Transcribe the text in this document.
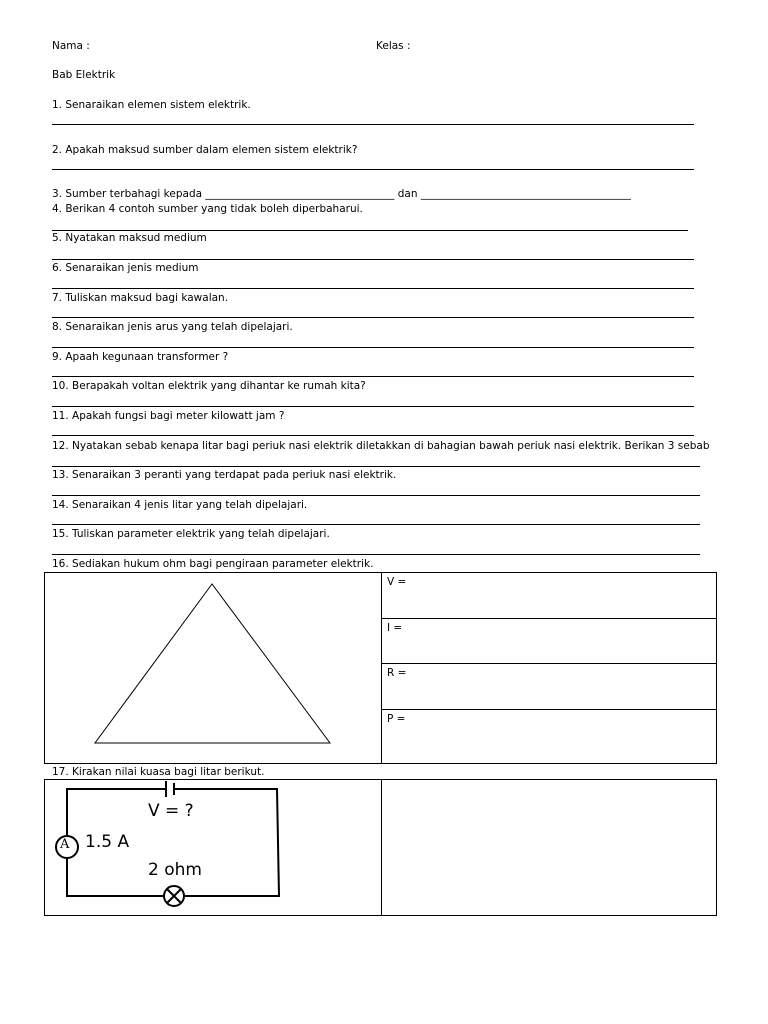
Nama :	Kelas :
Bab Elektrik
1. Senaraikan elemen sistem elektrik.
2. Apakah maksud sumber dalam elemen sistem elektrik?
3. Sumber terbahagi kepada ____________________________________ dan ________________________________________
4. Berikan 4 contoh sumber yang tidak boleh diperbaharui.
5. Nyatakan maksud medium
6. Senaraikan jenis medium
7. Tuliskan maksud bagi kawalan.
8. Senaraikan jenis arus yang telah dipelajari.
9. Apaah kegunaan transformer ?
10. Berapakah voltan elektrik yang dihantar ke rumah kita?
11. Apakah fungsi bagi meter kilowatt jam ?
12. Nyatakan sebab kenapa litar bagi periuk nasi elektrik diletakkan di bahagian bawah periuk nasi elektrik. Berikan 3 sebab
13. Senaraikan 3 peranti yang terdapat pada periuk nasi elektrik.
14. Senaraikan 4 jenis litar yang telah dipelajari.
15. Tuliskan parameter elektrik yang telah dipelajari.
16. Sediakan hukum ohm bagi pengiraan parameter elektrik.
V =
I =
R =
P =
17. Kirakan nilai kuasa bagi litar berikut.
V = ?
A 1.5 A
2 ohm
